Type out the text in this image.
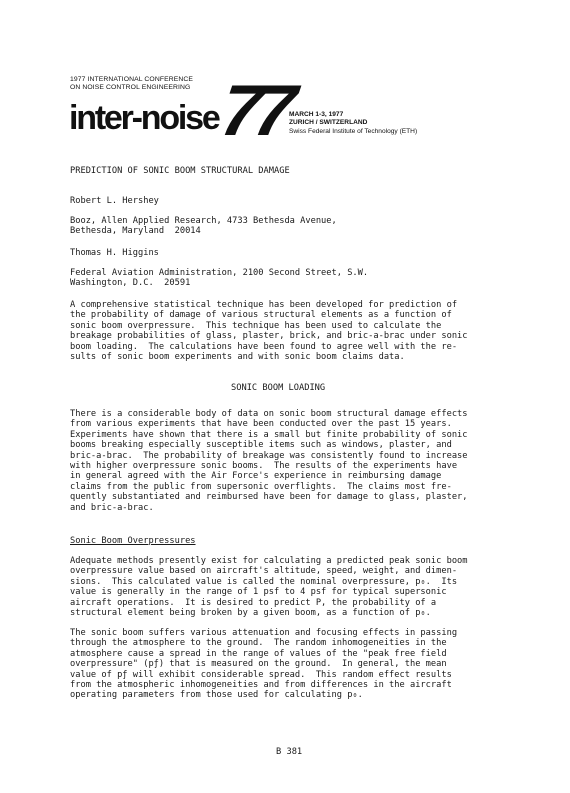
1977 INTERNATIONAL CONFERENCE
ON NOISE CONTROL ENGINEERING
inter-noise
77
MARCH 1-3, 1977
ZURICH / SWITZERLAND
Swiss Federal Institute of Technology (ETH)
PREDICTION OF SONIC BOOM STRUCTURAL DAMAGE
Robert L. Hershey
Booz, Allen Applied Research, 4733 Bethesda Avenue,
Bethesda, Maryland  20014
Thomas H. Higgins
Federal Aviation Administration, 2100 Second Street, S.W.
Washington, D.C.  20591
A comprehensive statistical technique has been developed for prediction of
the probability of damage of various structural elements as a function of
sonic boom overpressure.  This technique has been used to calculate the
breakage probabilities of glass, plaster, brick, and bric-a-brac under sonic
boom loading.  The calculations have been found to agree well with the re-
sults of sonic boom experiments and with sonic boom claims data.
SONIC BOOM LOADING
There is a considerable body of data on sonic boom structural damage effects
from various experiments that have been conducted over the past 15 years.
Experiments have shown that there is a small but finite probability of sonic
booms breaking especially susceptible items such as windows, plaster, and
bric-a-brac.  The probability of breakage was consistently found to increase
with higher overpressure sonic booms.  The results of the experiments have
in general agreed with the Air Force's experience in reimbursing damage
claims from the public from supersonic overflights.  The claims most fre-
quently substantiated and reimbursed have been for damage to glass, plaster,
and bric-a-brac.
Sonic Boom Overpressures
Adequate methods presently exist for calculating a predicted peak sonic boom
overpressure value based on aircraft's altitude, speed, weight, and dimen-
sions.  This calculated value is called the nominal overpressure, p₀.  Its
value is generally in the range of 1 psf to 4 psf for typical supersonic
aircraft operations.  It is desired to predict P, the probability of a
structural element being broken by a given boom, as a function of p₀.
The sonic boom suffers various attenuation and focusing effects in passing
through the atmosphere to the ground.  The random inhomogeneities in the
atmosphere cause a spread in the range of values of the "peak free field
overpressure" (pƒ) that is measured on the ground.  In general, the mean
value of pƒ will exhibit considerable spread.  This random effect results
from the atmospheric inhomogeneities and from differences in the aircraft
operating parameters from those used for calculating p₀.
B 381
